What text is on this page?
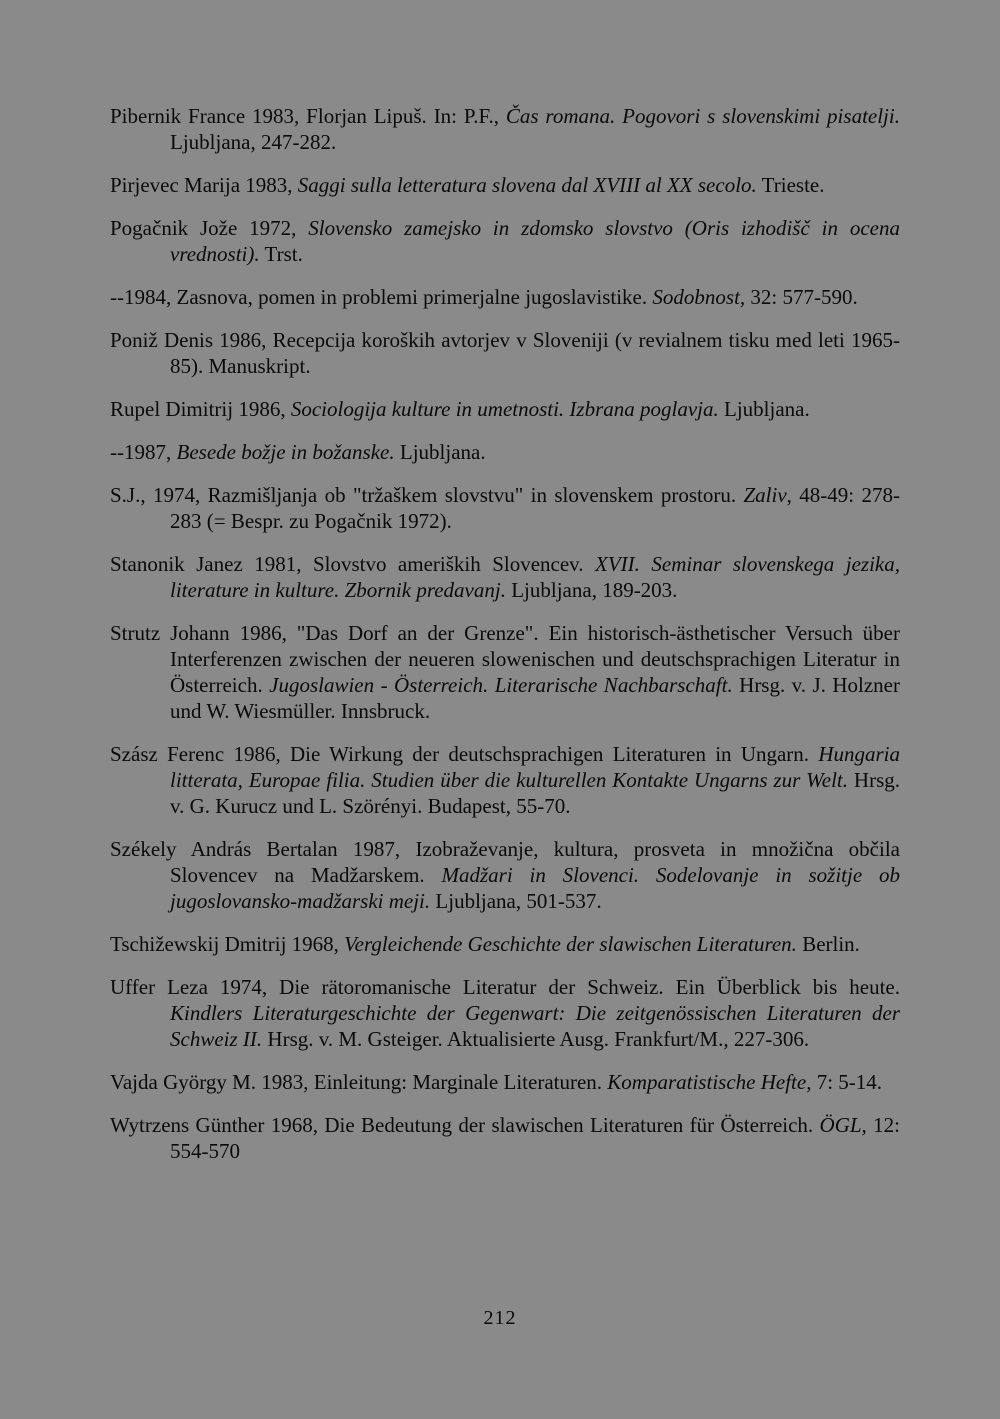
Pibernik France 1983, Florjan Lipuš. In: P.F., Čas romana. Pogovori s slovenskimi pisatelji. Ljubljana, 247-282.
Pirjevec Marija 1983, Saggi sulla letteratura slovena dal XVIII al XX secolo. Trieste.
Pogačnik Jože 1972, Slovensko zamejsko in zdomsko slovstvo (Oris izhodišč in ocena vrednosti). Trst.
--1984, Zasnova, pomen in problemi primerjalne jugoslavistike. Sodobnost, 32: 577-590.
Poniž Denis 1986, Recepcija koroških avtorjev v Sloveniji (v revialnem tisku med leti 1965-85). Manuskript.
Rupel Dimitrij 1986, Sociologija kulture in umetnosti. Izbrana poglavja. Ljubljana.
--1987, Besede božje in božanske. Ljubljana.
S.J., 1974, Razmišljanja ob "tržaškem slovstvu" in slovenskem prostoru. Zaliv, 48-49: 278-283 (= Bespr. zu Pogačnik 1972).
Stanonik Janez 1981, Slovstvo ameriških Slovencev. XVII. Seminar slovenskega jezika, literature in kulture. Zbornik predavanj. Ljubljana, 189-203.
Strutz Johann 1986, "Das Dorf an der Grenze". Ein historisch-ästhetischer Versuch über Interferenzen zwischen der neueren slowenischen und deutschsprachigen Literatur in Österreich. Jugoslawien - Österreich. Literarische Nachbarschaft. Hrsg. v. J. Holzner und W. Wiesmüller. Innsbruck.
Szász Ferenc 1986, Die Wirkung der deutschsprachigen Literaturen in Ungarn. Hungaria litterata, Europae filia. Studien über die kulturellen Kontakte Ungarns zur Welt. Hrsg. v. G. Kurucz und L. Szörényi. Budapest, 55-70.
Székely András Bertalan 1987, Izobraževanje, kultura, prosveta in množična občila Slovencev na Madžarskem. Madžari in Slovenci. Sodelovanje in sožitje ob jugoslovansko-madžarski meji. Ljubljana, 501-537.
Tschižewskij Dmitrij 1968, Vergleichende Geschichte der slawischen Literaturen. Berlin.
Uffer Leza 1974, Die rätoromanische Literatur der Schweiz. Ein Überblick bis heute. Kindlers Literaturgeschichte der Gegenwart: Die zeitgenössischen Literaturen der Schweiz II. Hrsg. v. M. Gsteiger. Aktualisierte Ausg. Frankfurt/M., 227-306.
Vajda György M. 1983, Einleitung: Marginale Literaturen. Komparatistische Hefte, 7: 5-14.
Wytrzens Günther 1968, Die Bedeutung der slawischen Literaturen für Österreich. ÖGL, 12: 554-570
212
